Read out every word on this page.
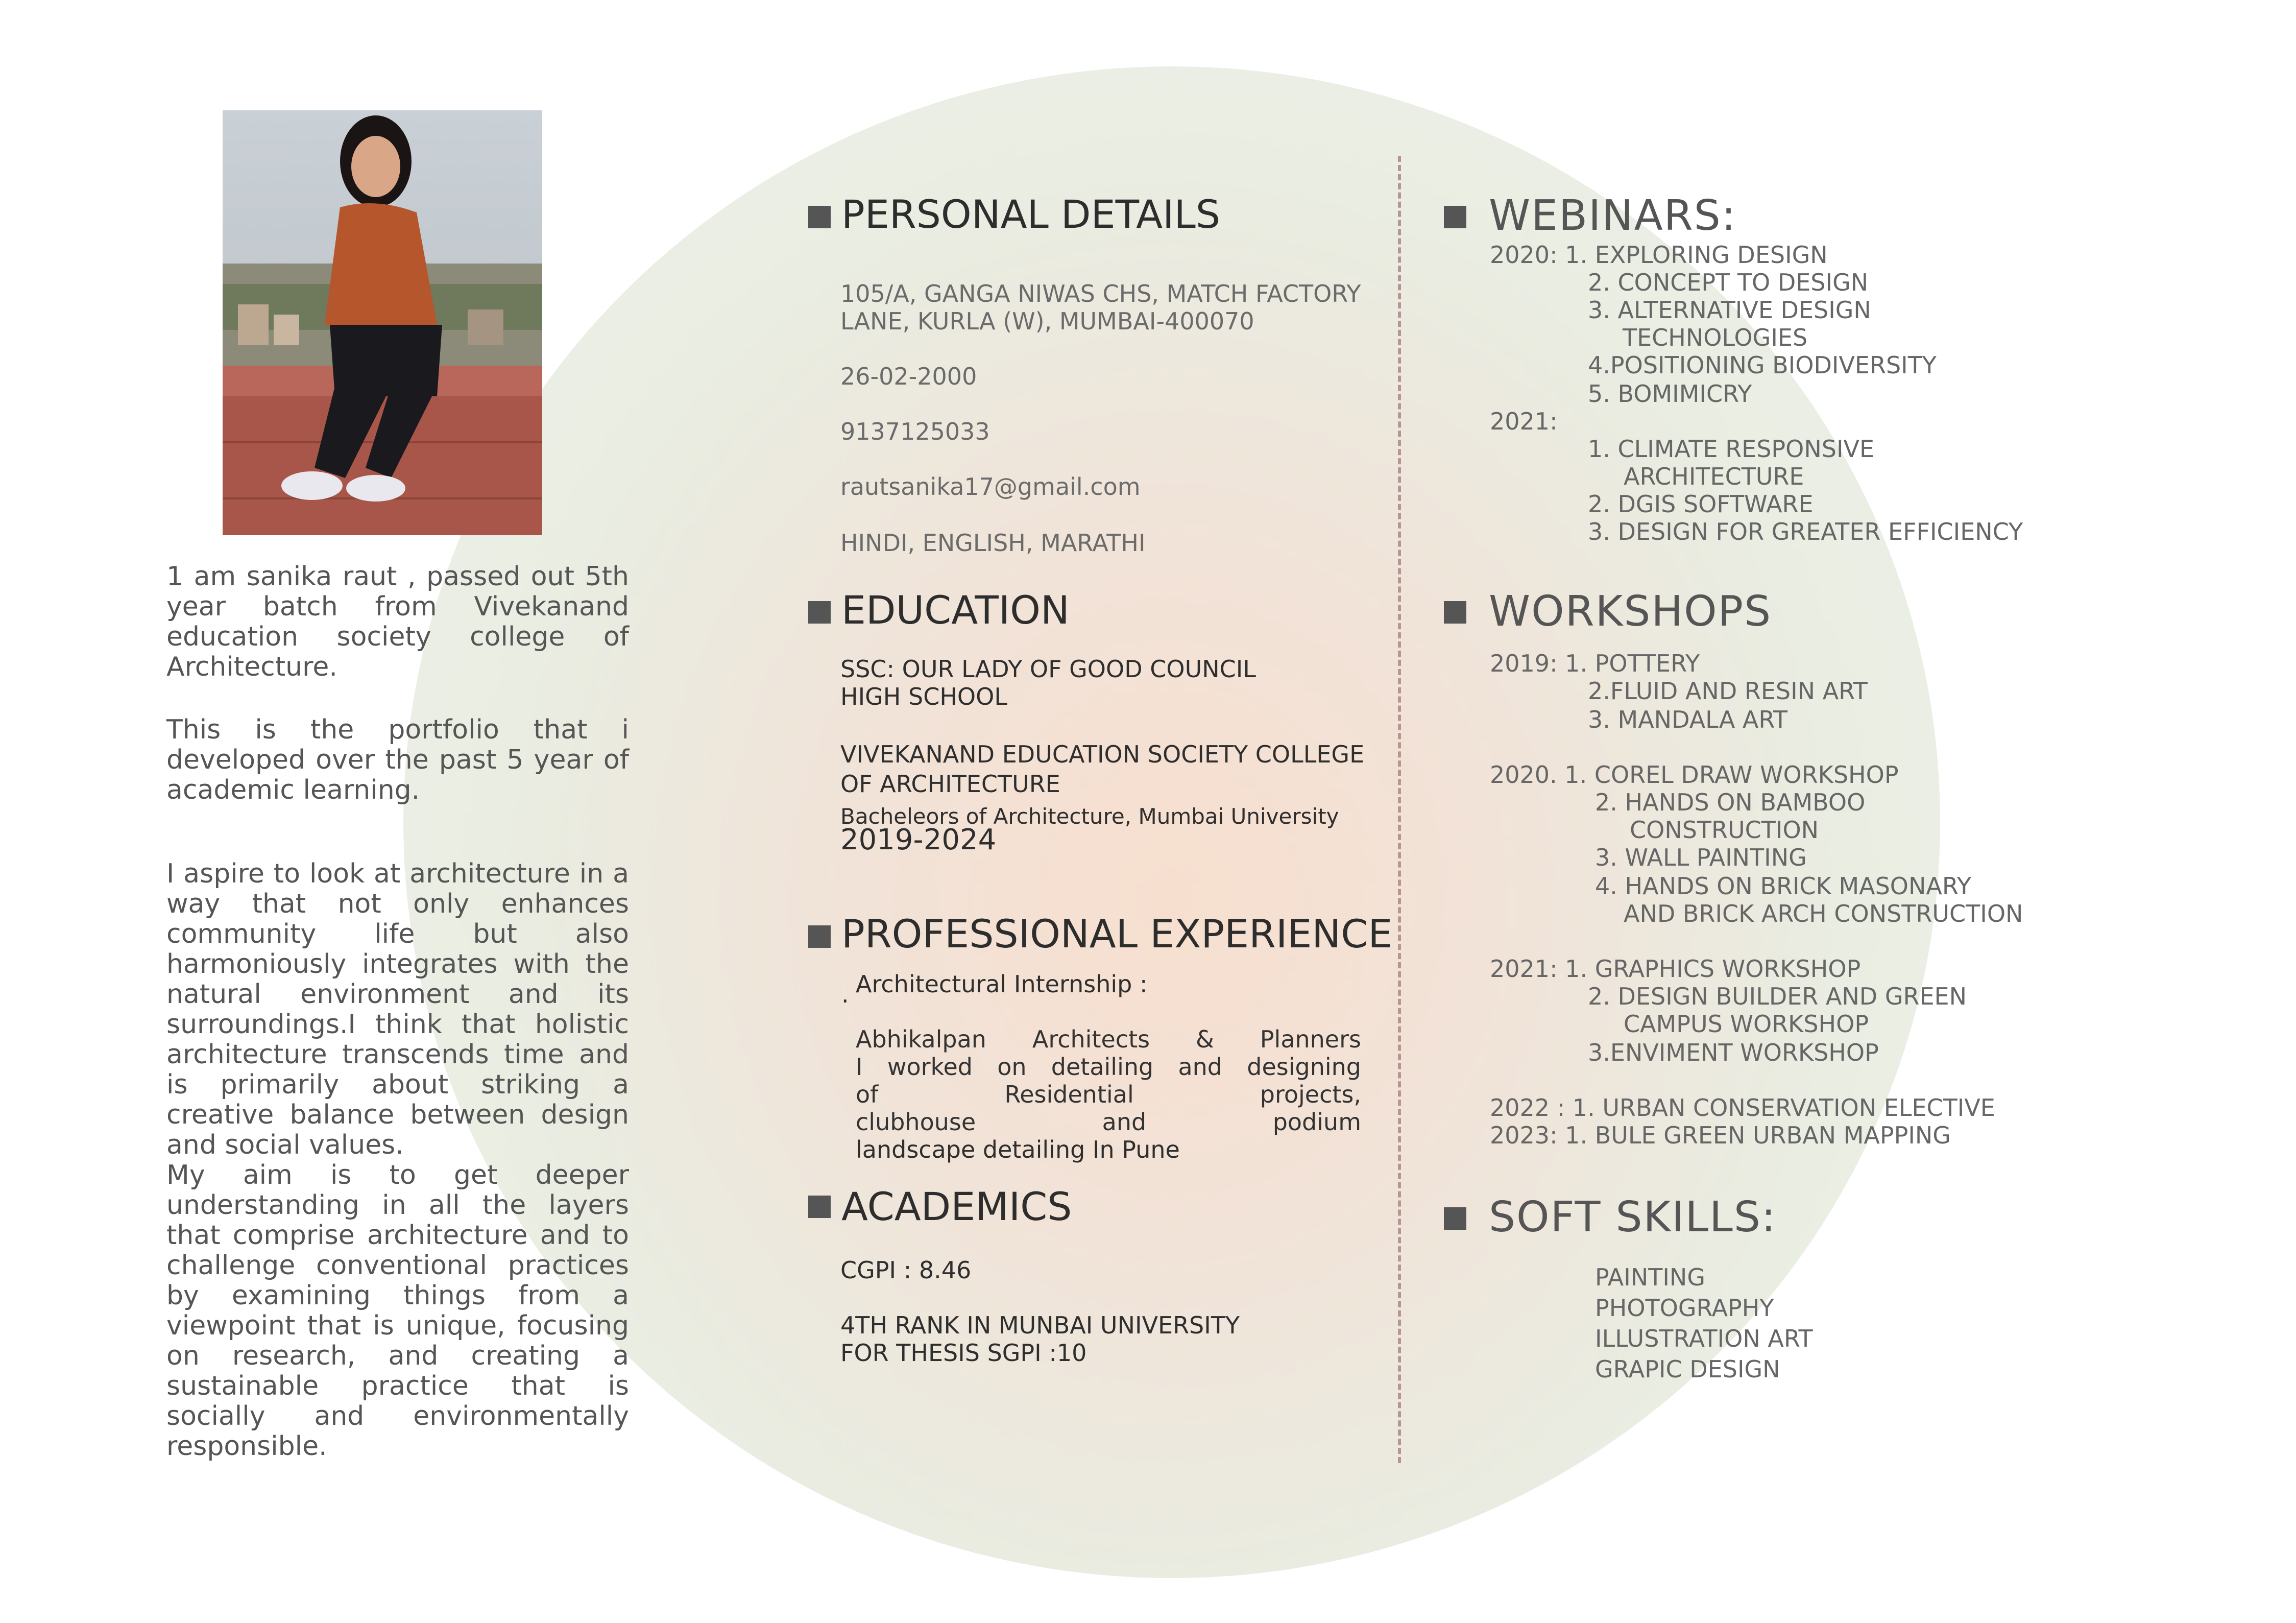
1 am sanika raut , passed out 5th year batch from Vivekanand education society college of Architecture.
This is the portfolio that i developed over the past 5 year of academic learning.
I aspire to look at architecture in a way that not only enhances community life but also harmoniously integrates with the natural environment and its surroundings.I think that holistic architecture transcends time and is primarily about striking a creative balance between design and social values.
My aim is to get deeper understanding in all the layers that comprise architecture and to challenge conventional practices by examining things from a viewpoint that is unique, focusing on research, and creating a sustainable practice that is socially and environmentally responsible.
PERSONAL DETAILS
105/A, GANGA NIWAS CHS, MATCH FACTORY
LANE, KURLA (W), MUMBAI-400070
26-02-2000
9137125033
rautsanika17@gmail.com
HINDI, ENGLISH, MARATHI
EDUCATION
SSC: OUR LADY OF GOOD COUNCIL
HIGH SCHOOL
VIVEKANAND EDUCATION SOCIETY COLLEGE
OF ARCHITECTURE
Bacheleors of Architecture, Mumbai University
2019-2024
PROFESSIONAL EXPERIENCE
. Architectural Internship :
Abhikalpan Architects & Planners
I worked on detailing and designing
of Residential projects,
clubhouse and podium
landscape detailing In Pune
ACADEMICS
CGPI : 8.46
4TH RANK IN MUNBAI UNIVERSITY
FOR THESIS SGPI :10
WEBINARS:
2020: 1. EXPLORING DESIGN
2. CONCEPT TO DESIGN
3. ALTERNATIVE DESIGN
TECHNOLOGIES
4.POSITIONING BIODIVERSITY
5. BOMIMICRY
2021:
1. CLIMATE RESPONSIVE
ARCHITECTURE
2. DGIS SOFTWARE
3. DESIGN FOR GREATER EFFICIENCY
WORKSHOPS
2019: 1. POTTERY
2.FLUID AND RESIN ART
3. MANDALA ART
2020. 1. COREL DRAW WORKSHOP
2. HANDS ON BAMBOO
CONSTRUCTION
3. WALL PAINTING
4. HANDS ON BRICK MASONARY
AND BRICK ARCH CONSTRUCTION
2021: 1. GRAPHICS WORKSHOP
2. DESIGN BUILDER AND GREEN
CAMPUS WORKSHOP
3.ENVIMENT WORKSHOP
2022 : 1. URBAN CONSERVATION ELECTIVE
2023: 1. BULE GREEN URBAN MAPPING
SOFT SKILLS:
PAINTING
PHOTOGRAPHY
ILLUSTRATION ART
GRAPIC DESIGN
